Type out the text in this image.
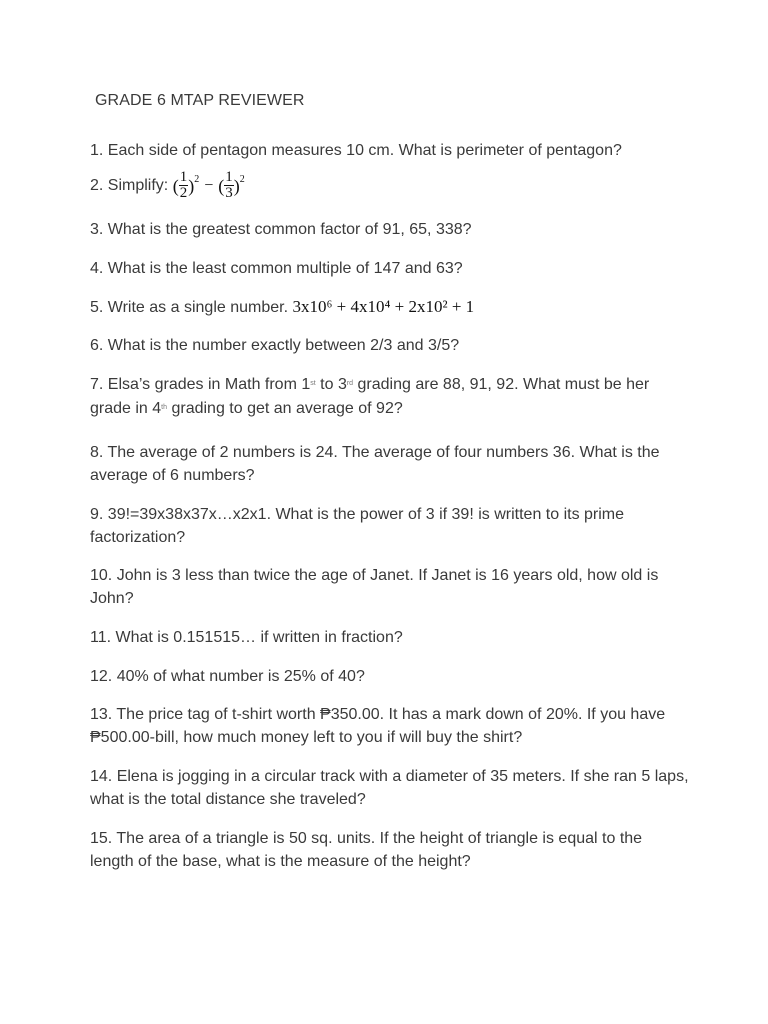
GRADE 6 MTAP REVIEWER
1. Each side of pentagon measures 10 cm. What is perimeter of pentagon?
2. Simplify: ( $\frac{1}{2} )^2$ − ( $\frac{1}{3} )^2$
3. What is the greatest common factor of 91, 65, 338?
4. What is the least common multiple of 147 and 63?
5. Write as a single number. 3x10⁶ + 4x10⁴ + 2x10² + 1
6. What is the number exactly between 2/3 and 3/5?
7. Elsa’s grades in Math from 1st to 3rd grading are 88, 91, 92. What must be her grade in 4th grading to get an average of 92?
8. The average of 2 numbers is 24. The average of four numbers 36. What is the average of 6 numbers?
9. 39!=39x38x37x…x2x1. What is the power of 3 if 39! is written to its prime factorization?
10. John is 3 less than twice the age of Janet. If Janet is 16 years old, how old is John?
11. What is 0.151515… if written in fraction?
12. 40% of what number is 25% of 40?
13. The price tag of t-shirt worth ₱350.00. It has a mark down of 20%. If you have ₱500.00-bill, how much money left to you if will buy the shirt?
14. Elena is jogging in a circular track with a diameter of 35 meters. If she ran 5 laps, what is the total distance she traveled?
15. The area of a triangle is 50 sq. units. If the height of triangle is equal to the length of the base, what is the measure of the height?
